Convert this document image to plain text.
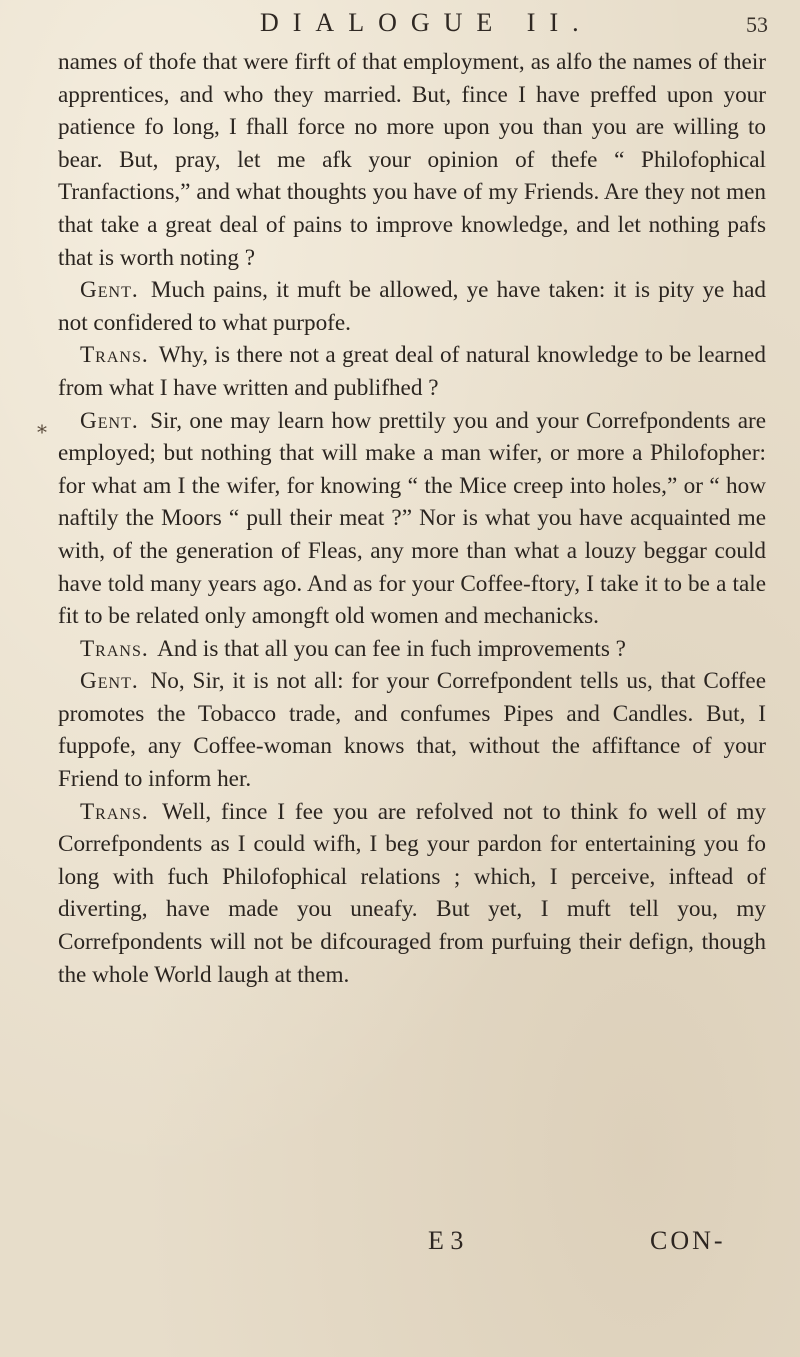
DIALOGUE II.	53
⁎

names of thofe that were firft of that employment, as alfo the names of their apprentices, and who they married. But, fince I have preffed upon your patience fo long, I fhall force no more upon you than you are willing to bear. But, pray, let me afk your opinion of thefe “ Philofophical Tranfactions,” and what thoughts you have of my Friends. Are they not men that take a great deal of pains to improve knowledge, and let nothing pafs that is worth noting ?

Gent. Much pains, it muft be allowed, ye have taken: it is pity ye had not confidered to what purpofe.

Trans. Why, is there not a great deal of natural knowledge to be learned from what I have written and publifhed ?

Gent. Sir, one may learn how prettily you and your Correfpondents are employed; but nothing that will make a man wifer, or more a Philofopher: for what am I the wifer, for knowing “ the Mice creep into holes,” or “ how naftily the Moors “ pull their meat ?” Nor is what you have acquainted me with, of the generation of Fleas, any more than what a louzy beggar could have told many years ago. And as for your Coffee-ftory, I take it to be a tale fit to be related only amongft old women and mechanicks.

Trans. And is that all you can fee in fuch improvements ?

Gent. No, Sir, it is not all: for your Correfpondent tells us, that Coffee promotes the Tobacco trade, and confumes Pipes and Candles. But, I fuppofe, any Coffee-woman knows that, without the affiftance of your Friend to inform her.

Trans. Well, fince I fee you are refolved not to think fo well of my Correfpondents as I could wifh, I beg your pardon for entertaining you fo long with fuch Philofophical relations ; which, I perceive, inftead of diverting, have made you uneafy. But yet, I muft tell you, my Correfpondents will not be difcouraged from purfuing their defign, though the whole World laugh at them.

E 3	CON-
